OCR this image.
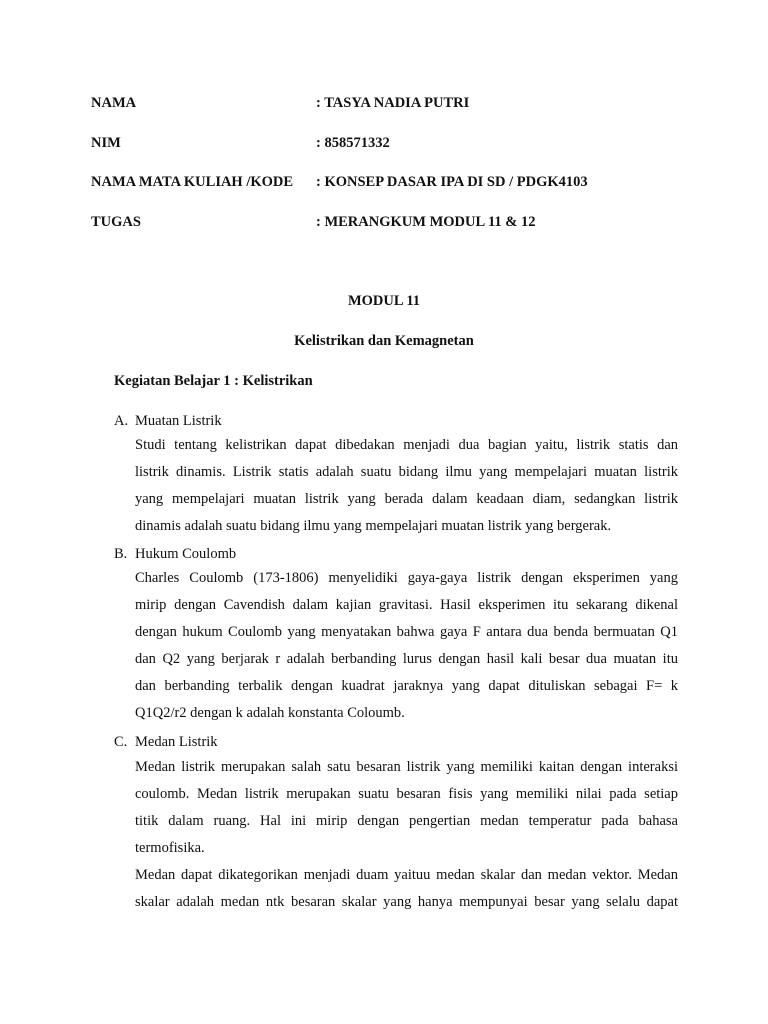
NAMA	: TASYA NADIA PUTRI
NIM	: 858571332
NAMA MATA KULIAH /KODE : KONSEP DASAR IPA DI SD / PDGK4103
TUGAS	: MERANGKUM MODUL 11 & 12
MODUL 11
Kelistrikan dan Kemagnetan
Kegiatan Belajar 1 : Kelistrikan
A. Muatan Listrik
Studi tentang kelistrikan dapat dibedakan menjadi dua bagian yaitu, listrik statis dan
listrik dinamis. Listrik statis adalah suatu bidang ilmu yang mempelajari muatan listrik
yang mempelajari muatan listrik yang berada dalam keadaan diam, sedangkan listrik
dinamis adalah suatu bidang ilmu yang mempelajari muatan listrik yang bergerak.
B. Hukum Coulomb
Charles Coulomb (173-1806) menyelidiki gaya-gaya listrik dengan eksperimen yang
mirip dengan Cavendish dalam kajian gravitasi. Hasil eksperimen itu sekarang dikenal
dengan hukum Coulomb yang menyatakan bahwa gaya F antara dua benda bermuatan Q1
dan Q2 yang berjarak r adalah berbanding lurus dengan hasil kali besar dua muatan itu
dan berbanding terbalik dengan kuadrat jaraknya yang dapat dituliskan sebagai F= k
Q1Q2/r2 dengan k adalah konstanta Coloumb.
C. Medan Listrik
Medan listrik merupakan salah satu besaran listrik yang memiliki kaitan dengan interaksi
coulomb. Medan listrik merupakan suatu besaran fisis yang memiliki nilai pada setiap
titik dalam ruang. Hal ini mirip dengan pengertian medan temperatur pada bahasa
termofisika.
Medan dapat dikategorikan menjadi duam yaituu medan skalar dan medan vektor. Medan
skalar adalah medan ntk besaran skalar yang hanya mempunyai besar yang selalu dapat
